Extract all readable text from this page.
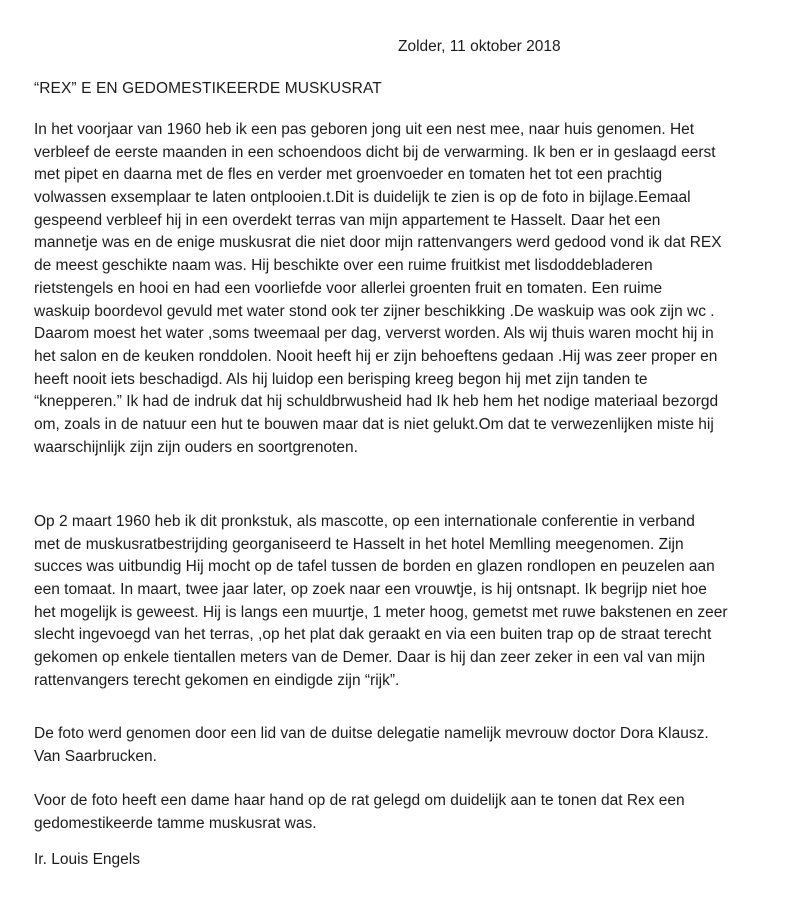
Zolder, 11 oktober 2018
“REX” E EN GEDOMESTIKEERDE MUSKUSRAT
In het voorjaar van 1960 heb ik een pas geboren jong uit een nest mee, naar huis genomen. Het
verbleef de eerste maanden in een schoendoos dicht bij de verwarming. Ik ben er in geslaagd eerst
met pipet en daarna met de fles en verder met groenvoeder en tomaten het tot een prachtig
volwassen exsemplaar te laten ontplooien.t.Dit is duidelijk te zien is op de foto in bijlage.Eemaal
gespeend verbleef hij in een overdekt terras van mijn appartement te Hasselt. Daar het een
mannetje was en de enige muskusrat die niet door mijn rattenvangers werd gedood vond ik dat REX
de meest geschikte naam was. Hij beschikte over een ruime fruitkist met lisdoddebladeren
rietstengels en hooi en had een voorliefde voor allerlei groenten fruit en tomaten. Een ruime
waskuip boordevol gevuld met water stond ook ter zijner beschikking .De waskuip was ook zijn wc .
Daarom moest het water ,soms tweemaal per dag, ververst worden. Als wij thuis waren mocht hij in
het salon en de keuken ronddolen. Nooit heeft hij er zijn behoeftens gedaan .Hij was zeer proper en
heeft nooit iets beschadigd. Als hij luidop een berisping kreeg begon hij met zijn tanden te
“knepperen.” Ik had de indruk dat hij schuldbrwusheid had Ik heb hem het nodige materiaal bezorgd
om, zoals in de natuur een hut te bouwen maar dat is niet gelukt.Om dat te verwezenlijken miste hij
waarschijnlijk zijn zijn ouders en soortgrenoten.
Op 2 maart 1960 heb ik dit pronkstuk, als mascotte, op een internationale conferentie in verband
met de muskusratbestrijding georganiseerd te Hasselt in het hotel Memlling meegenomen. Zijn
succes was uitbundig Hij mocht op de tafel tussen de borden en glazen rondlopen en peuzelen aan
een tomaat. In maart, twee jaar later, op zoek naar een vrouwtje, is hij ontsnapt. Ik begrijp niet hoe
het mogelijk is geweest. Hij is langs een muurtje, 1 meter hoog, gemetst met ruwe bakstenen en zeer
slecht ingevoegd van het terras, ,op het plat dak geraakt en via een buiten trap op de straat terecht
gekomen op enkele tientallen meters van de Demer. Daar is hij dan zeer zeker in een val van mijn
rattenvangers terecht gekomen en eindigde zijn “rijk”.
De foto werd genomen door een lid van de duitse delegatie namelijk mevrouw doctor Dora Klausz.
Van Saarbrucken.
Voor de foto heeft een dame haar hand op de rat gelegd om duidelijk aan te tonen dat Rex een
gedomestikeerde tamme muskusrat was.
Ir. Louis Engels
